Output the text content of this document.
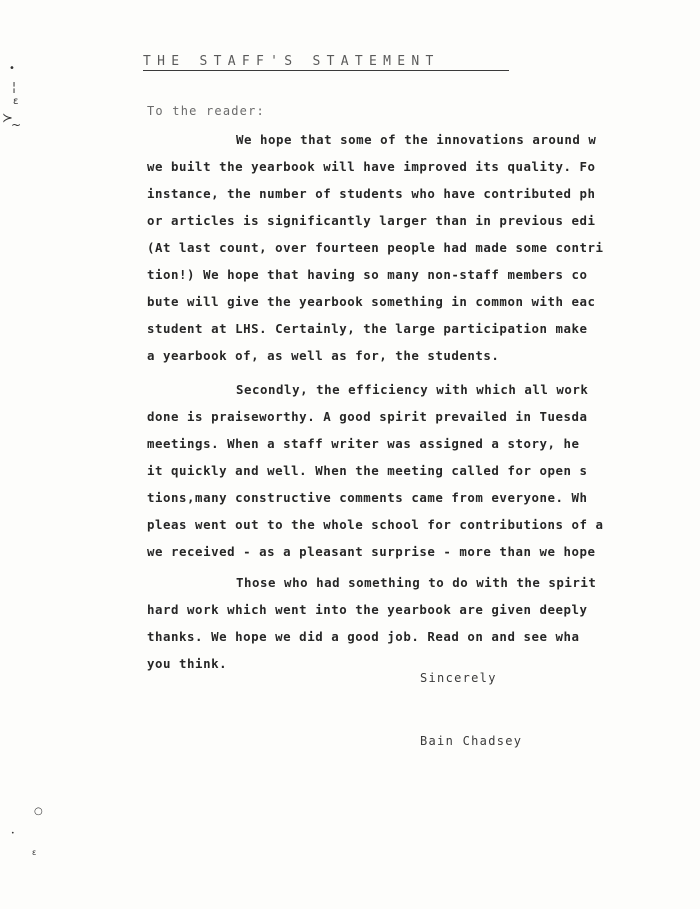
THE STAFF'S STATEMENT
To the reader:
We hope that some of the innovations around w
we built the yearbook will have improved its quality. Fo
instance, the number of students who have contributed ph
or articles is significantly larger than in previous edi
(At last count, over fourteen people had made some contri
tion!) We hope that having so many non-staff members co
bute will give the yearbook something in common with eac
student at LHS. Certainly, the large participation make
a yearbook of, as well as for, the students.
Secondly, the efficiency with which all work
done is praiseworthy. A good spirit prevailed in Tuesda
meetings. When a staff writer was assigned a story, he
it quickly and well. When the meeting called for open s
tions,many constructive comments came from everyone. Wh
pleas went out to the whole school for contributions of a
we received - as a pleasant surprise - more than we hope
Those who had something to do with the spirit
hard work which went into the yearbook are given deeply
thanks. We hope we did a good job. Read on and see wha
you think.
Sincerely
Bain Chadsey
•
¦
ε
≻
~
○
•
ɛ
